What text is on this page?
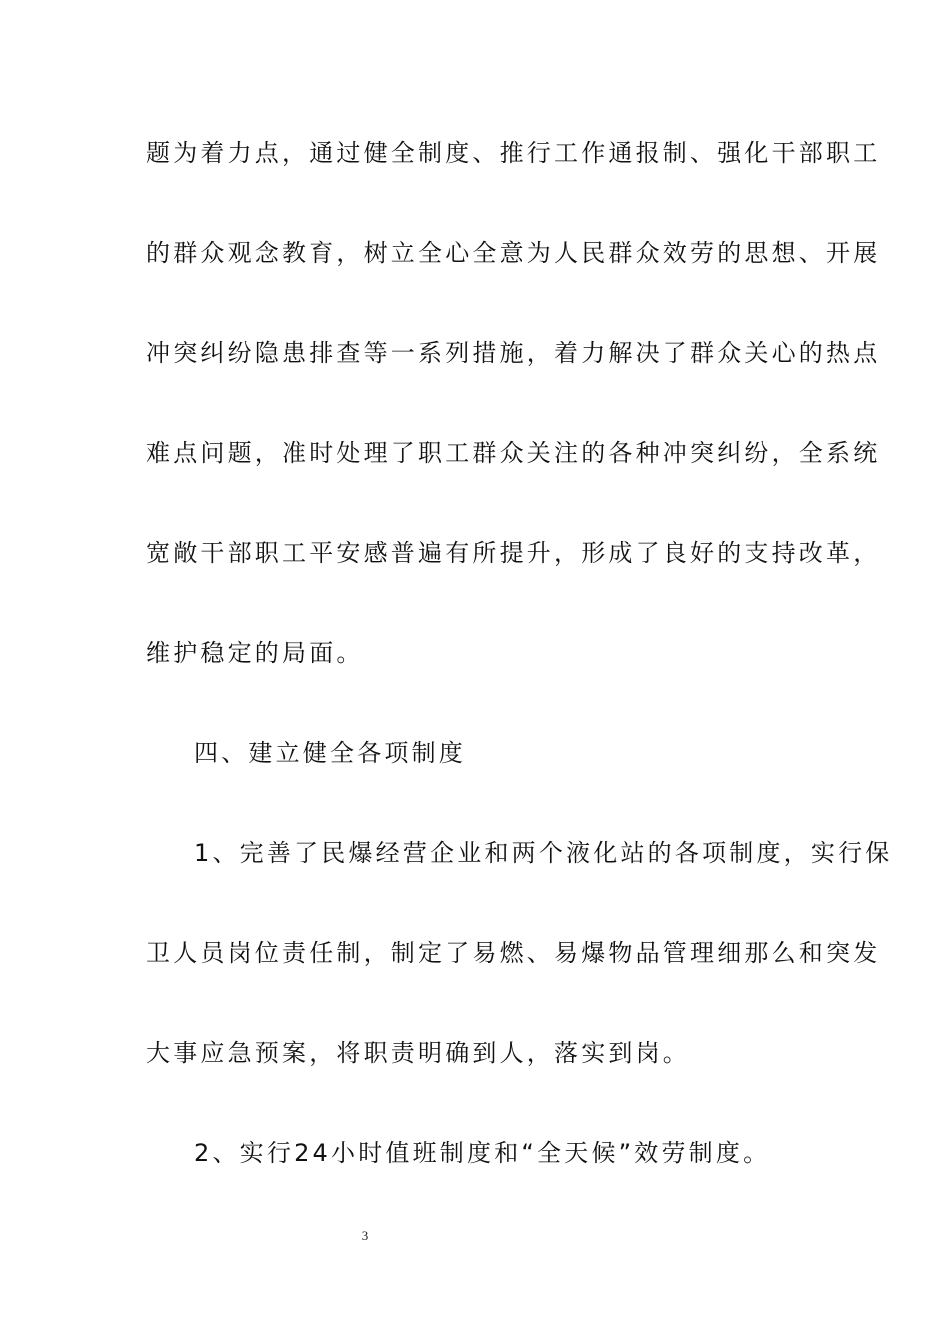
题为着力点，通过健全制度、推行工作通报制、强化干部职工
的群众观念教育，树立全心全意为人民群众效劳的思想、开展
冲突纠纷隐患排查等一系列措施，着力解决了群众关心的热点
难点问题，准时处理了职工群众关注的各种冲突纠纷，全系统
宽敞干部职工平安感普遍有所提升，形成了良好的支持改革，
维护稳定的局面。
四、建立健全各项制度
1、完善了民爆经营企业和两个液化站的各项制度，实行保
卫人员岗位责任制，制定了易燃、易爆物品管理细那么和突发
大事应急预案，将职责明确到人，落实到岗。
2、实行24小时值班制度和“全天候”效劳制度。
3
